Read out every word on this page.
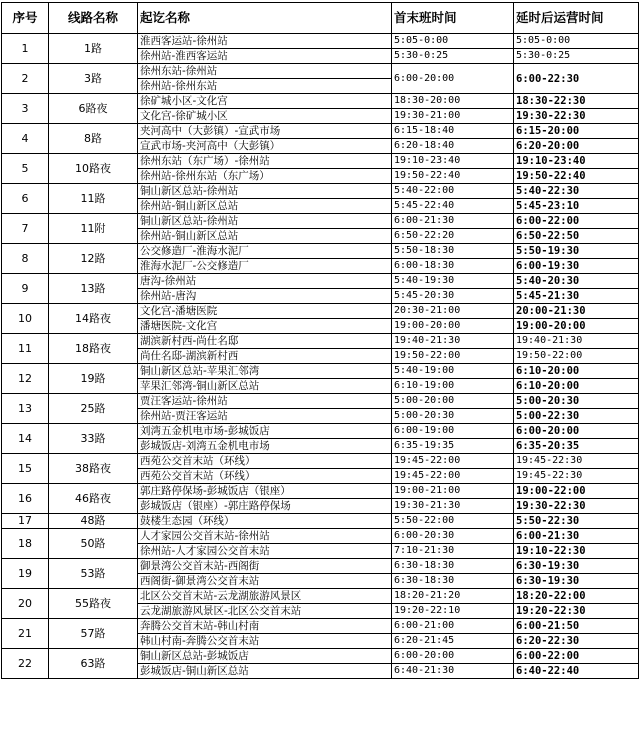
序号	线路名称	起讫名称	首末班时间	延时后运营时间
1	1路	淮西客运站-徐州站	5:05-0:00	5:05-0:00
		徐州站-淮西客运站	5:30-0:25	5:30-0:25
2	3路	徐州东站-徐州站	6:00-20:00	6:00-22:30
		徐州站-徐州东站		
3	6路夜	徐矿城小区-文化宫	18:30-20:00	18:30-22:30
		文化宫-徐矿城小区	19:30-21:00	19:30-22:30
4	8路	夹河高中（大彭镇）-宣武市场	6:15-18:40	6:15-20:00
		宣武市场-夹河高中（大彭镇）	6:20-18:40	6:20-20:00
5	10路夜	徐州东站（东广场）-徐州站	19:10-23:40	19:10-23:40
		徐州站-徐州东站（东广场）	19:50-22:40	19:50-22:40
6	11路	铜山新区总站-徐州站	5:40-22:00	5:40-22:30
		徐州站-铜山新区总站	5:45-22:40	5:45-23:10
7	11附	铜山新区总站-徐州站	6:00-21:30	6:00-22:00
		徐州站-铜山新区总站	6:50-22:20	6:50-22:50
8	12路	公交修造厂-淮海水泥厂	5:50-18:30	5:50-19:30
		淮海水泥厂-公交修造厂	6:00-18:30	6:00-19:30
9	13路	唐沟-徐州站	5:40-19:30	5:40-20:30
		徐州站-唐沟	5:45-20:30	5:45-21:30
10	14路夜	文化宫-潘塘医院	20:30-21:00	20:00-21:30
		潘塘医院-文化宫	19:00-20:00	19:00-20:00
11	18路夜	湖滨新村西-尚仕名邸	19:40-21:30	19:40-21:30
		尚仕名邸-湖滨新村西	19:50-22:00	19:50-22:00
12	19路	铜山新区总站-苹果汇邻湾	5:40-19:00	6:10-20:00
		苹果汇邻湾-铜山新区总站	6:10-19:00	6:10-20:00
13	25路	贾汪客运站-徐州站	5:00-20:00	5:00-20:30
		徐州站-贾汪客运站	5:00-20:30	5:00-22:30
14	33路	刘湾五金机电市场-彭城饭店	6:00-19:00	6:00-20:00
		彭城饭店-刘湾五金机电市场	6:35-19:35	6:35-20:35
15	38路夜	西苑公交首末站（环线）	19:45-22:00	19:45-22:30
		西苑公交首末站（环线）	19:45-22:00	19:45-22:30
16	46路夜	郭庄路停保场-彭城饭店（银座）	19:00-21:00	19:00-22:00
		彭城饭店（银座）-郭庄路停保场	19:30-21:30	19:30-22:30
17	48路	鼓楼生态园（环线）	5:50-22:00	5:50-22:30
18	50路	人才家园公交首末站-徐州站	6:00-20:30	6:00-21:30
		徐州站-人才家园公交首末站	7:10-21:30	19:10-22:30
19	53路	御景湾公交首末站-西阁街	6:30-18:30	6:30-19:30
		西阁街-御景湾公交首末站	6:30-18:30	6:30-19:30
20	55路夜	北区公交首末站-云龙湖旅游风景区	18:20-21:20	18:20-22:00
		云龙湖旅游风景区-北区公交首末站	19:20-22:10	19:20-22:30
21	57路	奔腾公交首末站-韩山村南	6:00-21:00	6:00-21:50
		韩山村南-奔腾公交首末站	6:20-21:45	6:20-22:30
22	63路	铜山新区总站-彭城饭店	6:00-20:00	6:00-22:00
		彭城饭店-铜山新区总站	6:40-21:30	6:40-22:40
